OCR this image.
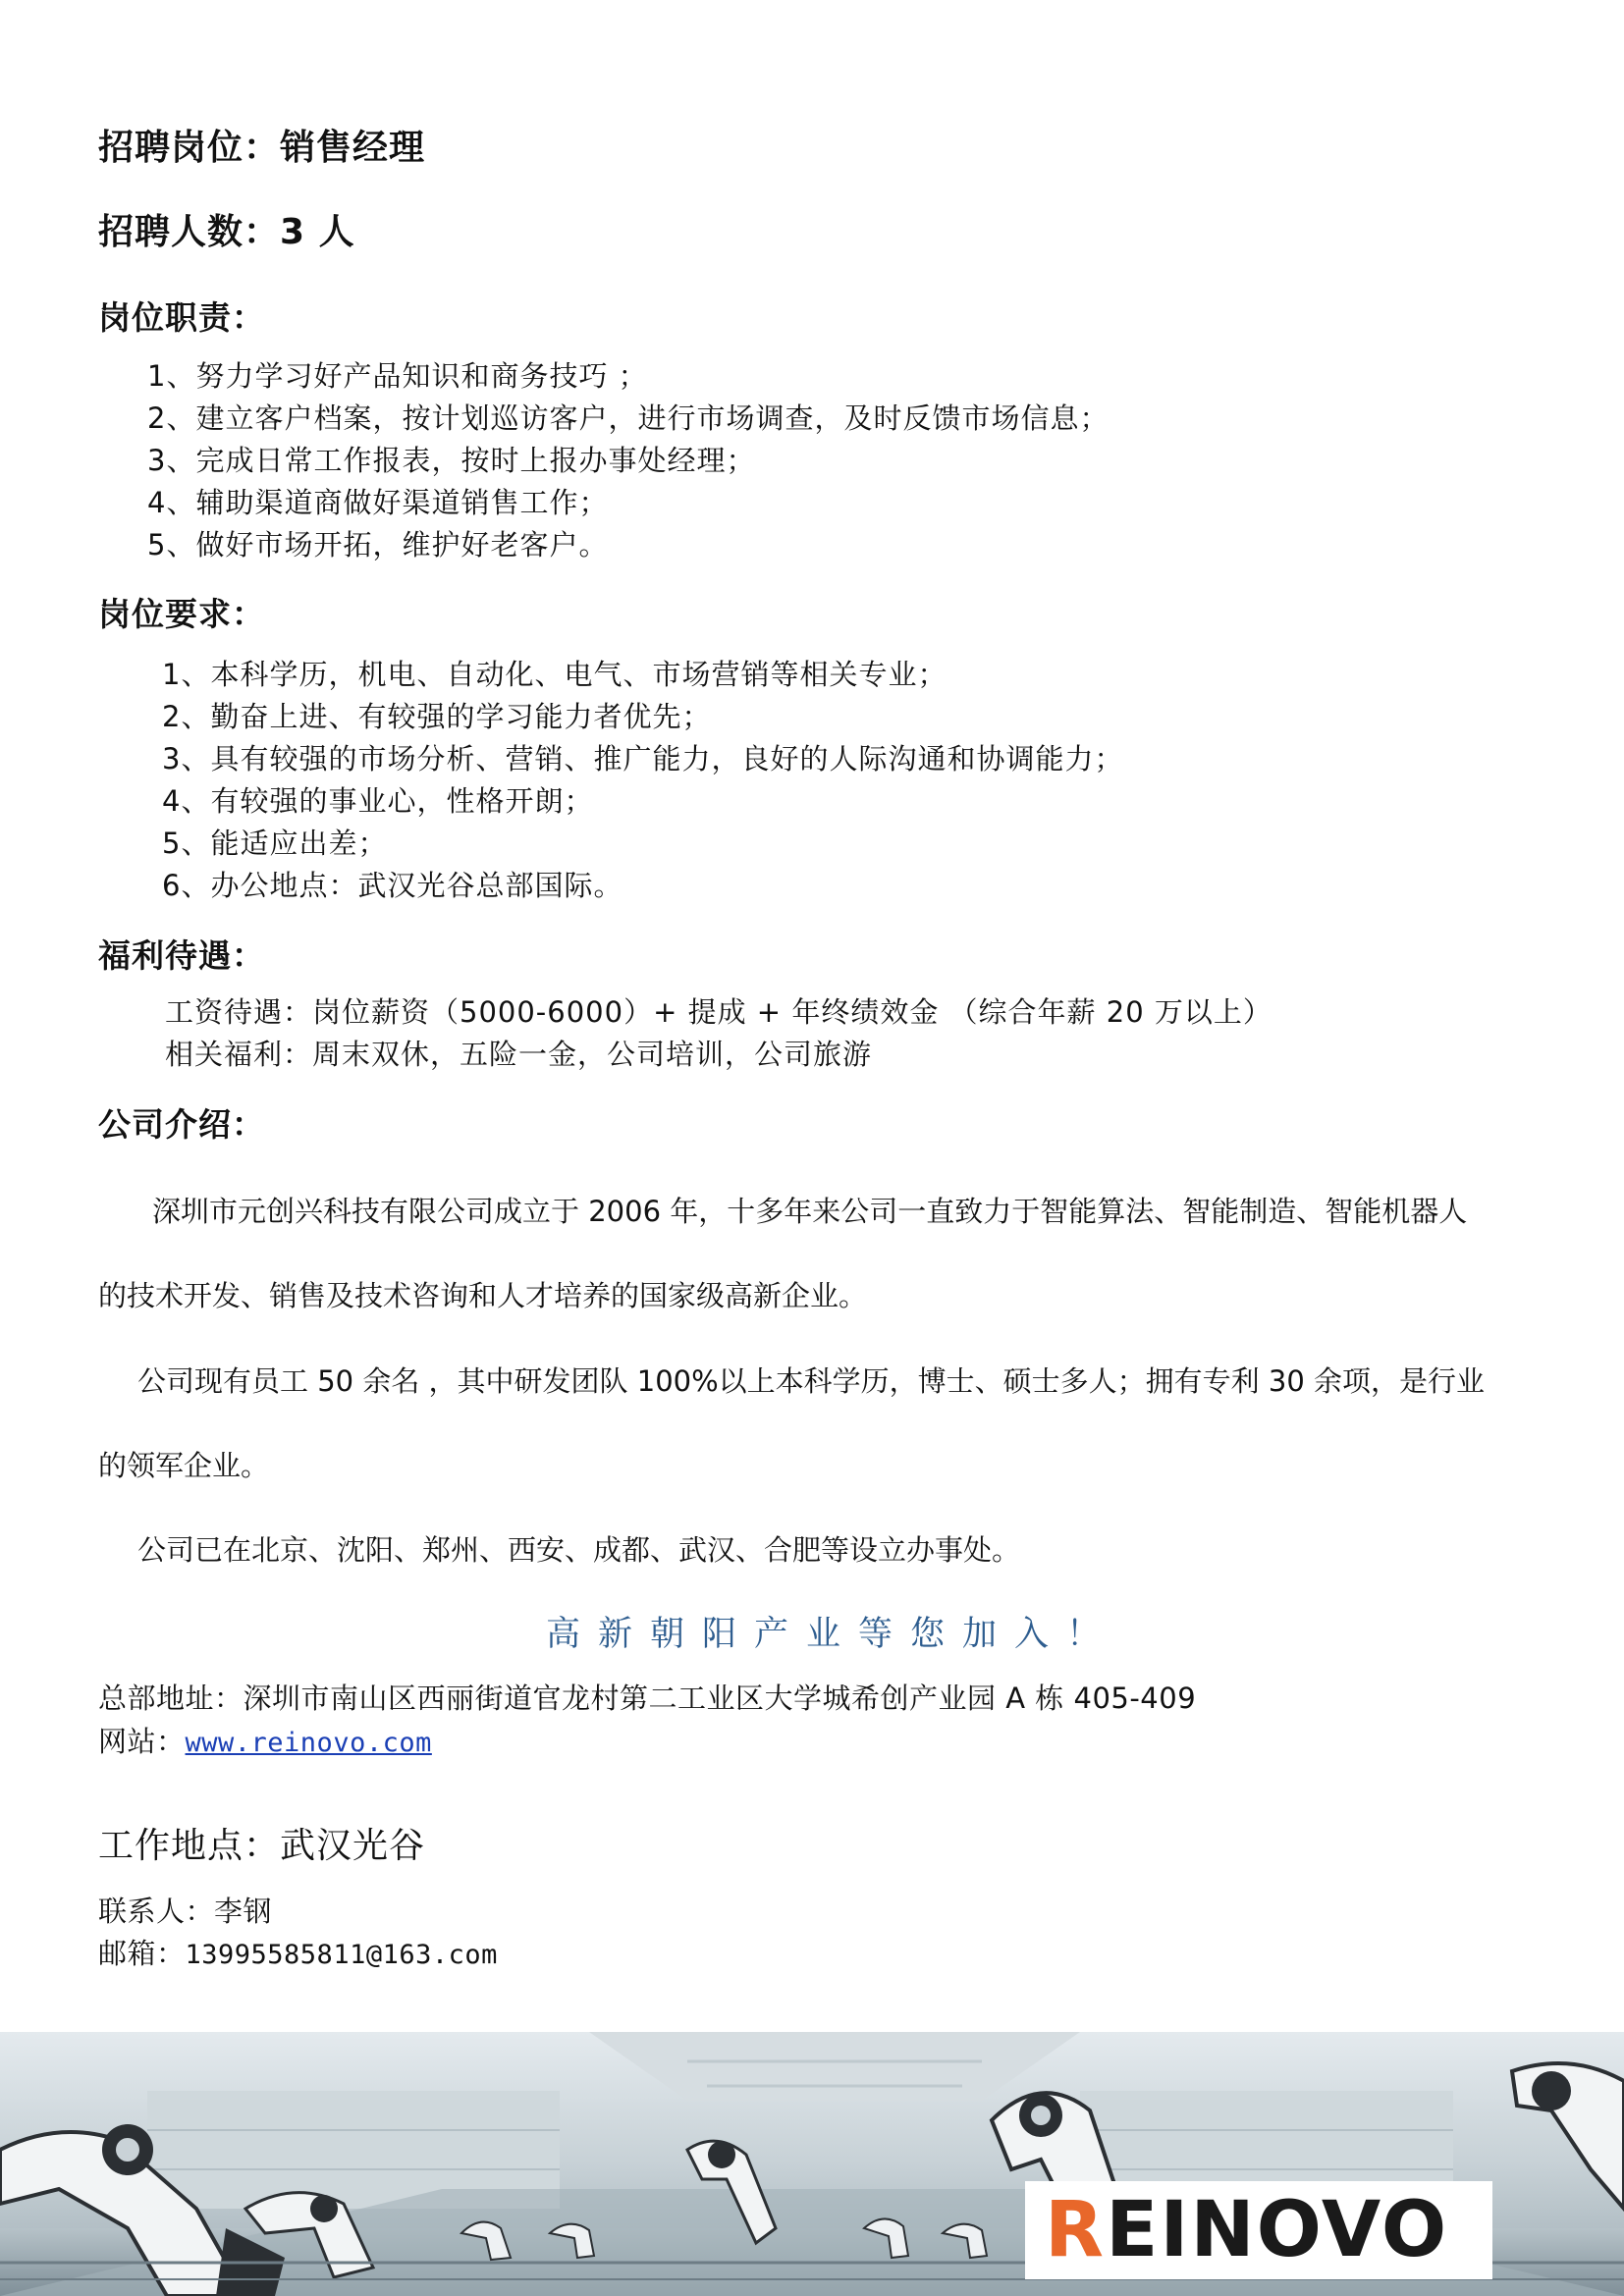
招聘岗位：销售经理
招聘人数：3 人
岗位职责：
1、努力学习好产品知识和商务技巧 ；
2、建立客户档案，按计划巡访客户，进行市场调查，及时反馈市场信息；
3、完成日常工作报表，按时上报办事处经理；
4、辅助渠道商做好渠道销售工作；
5、做好市场开拓，维护好老客户。
岗位要求：
1、本科学历，机电、自动化、电气、市场营销等相关专业；
2、勤奋上进、有较强的学习能力者优先；
3、具有较强的市场分析、营销、推广能力，良好的人际沟通和协调能力；
4、有较强的事业心，性格开朗；
5、能适应出差；
6、办公地点：武汉光谷总部国际。
福利待遇：
工资待遇：岗位薪资（5000-6000）+ 提成 + 年终绩效金 （综合年薪 20 万以上）
相关福利：周末双休，五险一金，公司培训，公司旅游
公司介绍：
深圳市元创兴科技有限公司成立于 2006 年，十多年来公司一直致力于智能算法、智能制造、智能机器人
的技术开发、销售及技术咨询和人才培养的国家级高新企业。
公司现有员工 50 余名 ，其中研发团队 100%以上本科学历，博士、硕士多人；拥有专利 30 余项，是行业
的领军企业。
公司已在北京、沈阳、郑州、西安、成都、武汉、合肥等设立办事处。
高新朝阳产业等您加入！
总部地址：深圳市南山区西丽街道官龙村第二工业区大学城希创产业园 A 栋 405-409
网站：www.reinovo.com
工作地点：武汉光谷
联系人：李钢
邮箱：13995585811@163.com
REINOVO
